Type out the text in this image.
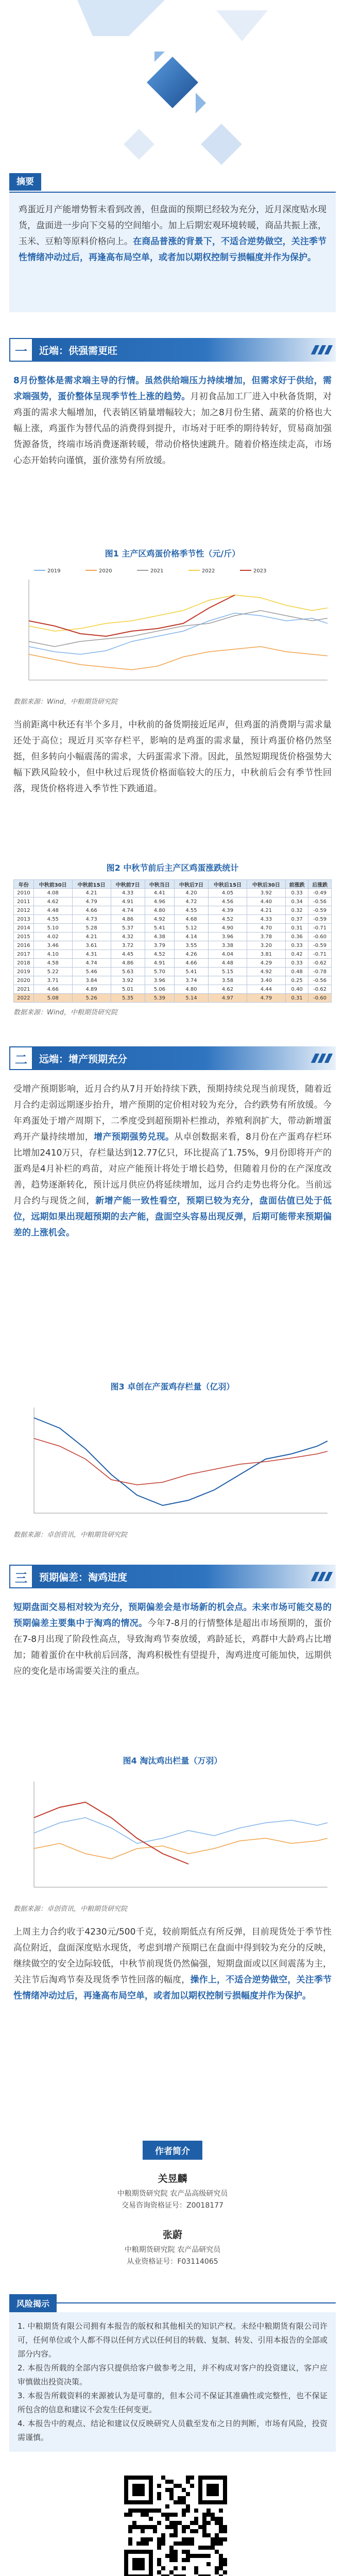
摘要
鸡蛋近月产能增势暂未看到改善，但盘面的预期已经较为充分，近月深度贴水现货，盘面进一步向下交易的空间缩小。加上后期宏观环境转暖，商品共振上涨，玉米、豆粕等原料价格向上。在商品普涨的背景下，不适合逆势做空，关注季节性情绪冲动过后，再逢高布局空单，或者加以期权控制亏损幅度并作为保护。
一	近端：供强需更旺
8月份整体是需求端主导的行情。虽然供给端压力持续增加，但需求好于供给，需求端强势，蛋价整体呈现季节性上涨的趋势。月初食品加工厂进入中秋备货期，对鸡蛋的需求大幅增加，代表销区销量增幅较大；加之8月份生猪、蔬菜的价格也大幅上涨，鸡蛋作为替代品的消费得到提升，市场对于旺季的期待转好，贸易商加强货源备货，终端市场消费逐渐转暖，带动价格快速跳升。随着价格连续走高，市场心态开始转向谨慎，蛋价涨势有所放缓。
图1 主产区鸡蛋价格季节性（元/斤）
2019	2020	2021	2022	2023
数据来源：Wind，中粮期货研究院
当前距离中秋还有半个多月，中秋前的备货期接近尾声，但鸡蛋的消费期与需求量还处于高位；现近月买宰存栏平，影响的是鸡蛋的需求量，预计鸡蛋价格仍然坚挺，但多转向小幅震荡的需求，大码蛋需求下滑。因此，虽然短期现货价格强势大幅下跌风险较小，但中秋过后现货价格面临较大的压力，中秋前后会有季节性回落，现货价格将进入季节性下跌通道。
图2 中秋节前后主产区鸡蛋涨跌统计
年份	中秋前30日	中秋前15日	中秋前7日	中秋当日	中秋后7日	中秋后15日	中秋后30日	前涨跌	后涨跌
2010	4.08	4.21	4.33	4.41	4.20	4.05	3.92	0.33	-0.49
2011	4.62	4.79	4.91	4.96	4.72	4.56	4.40	0.34	-0.56
2012	4.48	4.66	4.74	4.80	4.55	4.39	4.21	0.32	-0.59
2013	4.55	4.73	4.86	4.92	4.68	4.52	4.33	0.37	-0.59
2014	5.10	5.28	5.37	5.41	5.12	4.90	4.70	0.31	-0.71
2015	4.02	4.21	4.32	4.38	4.14	3.96	3.78	0.36	-0.60
2016	3.46	3.61	3.72	3.79	3.55	3.38	3.20	0.33	-0.59
2017	4.10	4.31	4.45	4.52	4.26	4.04	3.81	0.42	-0.71
2018	4.58	4.74	4.86	4.91	4.66	4.48	4.29	0.33	-0.62
2019	5.22	5.46	5.63	5.70	5.41	5.15	4.92	0.48	-0.78
2020	3.71	3.84	3.92	3.96	3.74	3.58	3.40	0.25	-0.56
2021	4.66	4.89	5.01	5.06	4.80	4.62	4.44	0.40	-0.62
2022	5.08	5.26	5.35	5.39	5.14	4.97	4.79	0.31	-0.60
数据来源：Wind，中粮期货研究院
二	远端：增产预期充分
受增产预期影响，近月合约从7月开始持续下跌，预期持续兑现当前现货，随着近月合约走弱远期逐步抬升，增产预期的定价相对较为充分，合约跌势有所放缓。今年鸡蛋处于增产周期下，二季度受到超预期补栏推动，养殖利润扩大，带动新增蛋鸡开产量持续增加，增产预期强势兑现。从卓创数据来看，8月份在产蛋鸡存栏环比增加2410万只，存栏量达到12.77亿只，环比提高了1.75%，9月份即将开产的蛋鸡是4月补栏的鸡苗，对应产能预计将处于增长趋势，但随着月份的在产深度改善，趋势逐渐转化，预计远月供应仍将延续增加，远月合约走势也将分化。当前远月合约与现货之间，新增产能一致性看空，预期已较为充分，盘面估值已处于低位，远期如果出现超预期的去产能，盘面空头容易出现反弹，后期可能带来预期偏差的上涨机会。
图3 卓创在产蛋鸡存栏量（亿羽）
数据来源：卓创资讯，中粮期货研究院
三	预期偏差：淘鸡进度
短期盘面交易相对较为充分，预期偏差会是市场新的机会点。未来市场可能交易的预期偏差主要集中于淘鸡的情况。今年7-8月的行情整体是超出市场预期的，蛋价在7-8月出现了阶段性高点，导致淘鸡节奏放缓，鸡龄延长，鸡群中大龄鸡占比增加；随着蛋价在中秋前后回落，淘鸡积极性有望提升，淘鸡进度可能加快，远期供应的变化是市场需要关注的重点。
图4 淘汰鸡出栏量（万羽）
数据来源：卓创资讯，中粮期货研究院
上周主力合约收于4230元/500千克，较前期低点有所反弹，目前现货处于季节性高位附近，盘面深度贴水现货，考虑到增产预期已在盘面中得到较为充分的反映，继续做空的安全边际较低，中秋节前现货仍然偏强，短期盘面或以区间震荡为主，关注节后淘鸡节奏及现货季节性回落的幅度，操作上，不适合逆势做空，关注季节性情绪冲动过后，再逢高布局空单，或者加以期权控制亏损幅度并作为保护。
作者简介
关昱麟
中粮期货研究院 农产品高级研究员
交易咨询资格证号：Z0018177
张蔚
中粮期货研究院 农产品研究员
从业资格证号：F03114065
风险揭示

1. 中粮期货有限公司拥有本报告的版权和其他相关的知识产权。未经中粮期货有限公司许可，任何单位或个人都不得以任何方式以任何目的转载、复制、转发、引用本报告的全部或部分内容。

2. 本报告所载的全部内容只提供给客户做参考之用，并不构成对客户的投资建议，客户应审慎做出投资决策。

3. 本报告所载资料的来源被认为是可靠的，但本公司不保证其准确性或完整性，也不保证所包含的信息和建议不会发生任何变更。

4. 本报告中的观点、结论和建议仅反映研究人员截至发布之日的判断，市场有风险，投资需谨慎。
